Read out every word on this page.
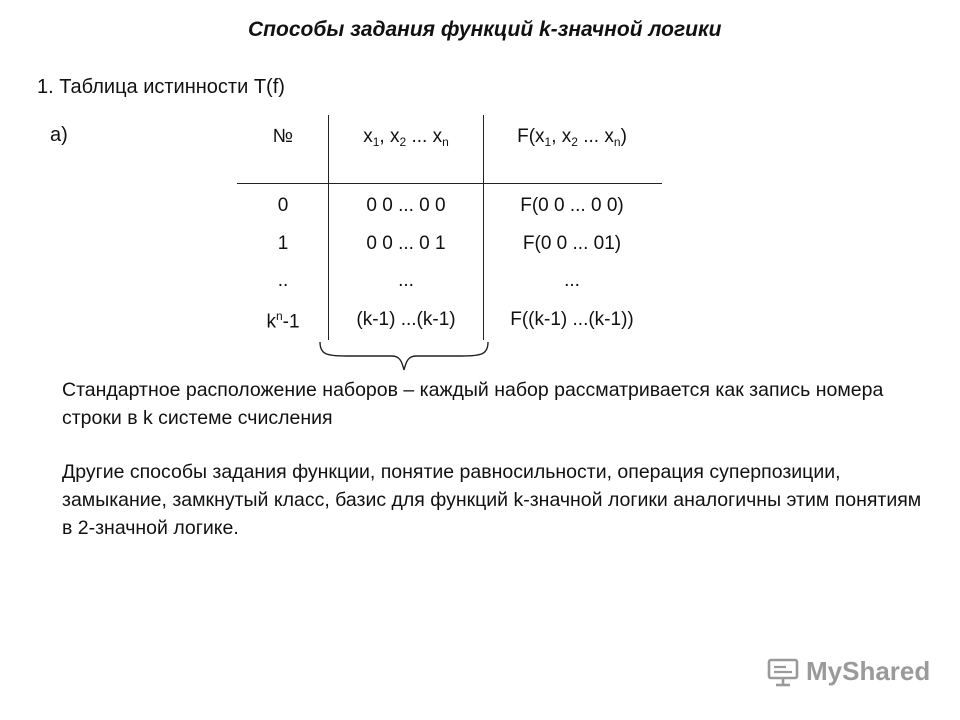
Способы задания функций k-значной логики
1. Таблица истинности T(f)
а)	№	$x_1$, $x_2$ ... $x_n$	$F(x_1$, $x_2$ ... $x_n$)
0	0 0 ... 0 0	F(0 0 ... 0 0)
1	0 0 ... 0 1	F(0 0 ... 01)
..	...	...
$k^n-1$	(k-1) ...(k-1)	F((k-1) ...(k-1))
Стандартное расположение наборов – каждый набор рассматривается как запись номера строки в k системе счисления
Другие способы задания функции, понятие равносильности, операция суперпозиции, замыкание, замкнутый класс, базис для функций k-значной логики аналогичны этим понятиям в 2-значной логике.
MyShared
